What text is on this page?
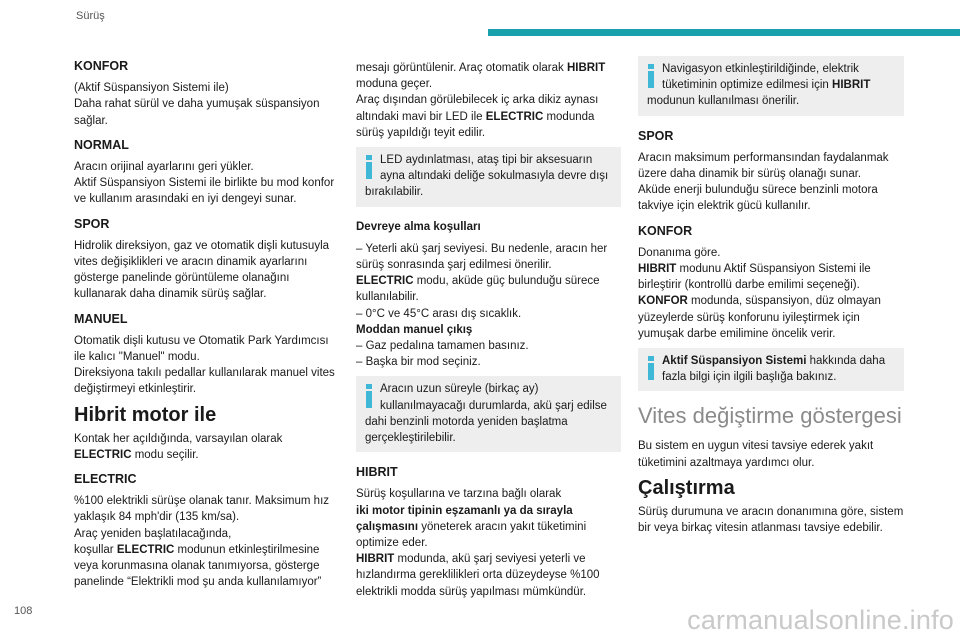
Sürüş
KONFOR
(Aktif Süspansiyon Sistemi ile)
Daha rahat sürül ve daha yumuşak süspansiyon sağlar.
NORMAL
Aracın orijinal ayarlarını geri yükler.
Aktif Süspansiyon Sistemi ile birlikte bu mod konfor ve kullanım arasındaki en iyi dengeyi sunar.
SPOR
Hidrolik direksiyon, gaz ve otomatik dişli kutusuyla vites değişiklikleri ve aracın dinamik ayarlarını gösterge panelinde görüntüleme olanağını kullanarak daha dinamik sürüş sağlar.
MANUEL
Otomatik dişli kutusu ve Otomatik Park Yardımcısı ile kalıcı "Manuel" modu.
Direksiyona takılı pedallar kullanılarak manuel vites değiştirmeyi etkinleştirir.
Hibrit motor ile
Kontak her açıldığında, varsayılan olarak
ELECTRIC modu seçilir.
ELECTRIC
%100 elektrikli sürüşe olanak tanır. Maksimum hız yaklaşık 84 mph'dir (135 km/sa).
Araç yeniden başlatılacağında,
koşullar ELECTRIC modunun etkinleştirilmesine veya korunmasına olanak tanımıyorsa, gösterge panelinde “Elektrikli mod şu anda kullanılamıyor”
mesajı görüntülenir. Araç otomatik olarak HIBRIT moduna geçer.
Araç dışından görülebilecek iç arka dikiz aynası altındaki mavi bir LED ile ELECTRIC modunda sürüş yapıldığı teyit edilir.
LED aydınlatması, ataş tipi bir aksesuarın ayna altındaki deliğe sokulmasıyla devre dışı bırakılabilir.
Devreye alma koşulları
– Yeterli akü şarj seviyesi. Bu nedenle, aracın her sürüş sonrasında şarj edilmesi önerilir.
ELECTRIC modu, aküde güç bulunduğu sürece kullanılabilir.
– 0°C ve 45°C arası dış sıcaklık.
Moddan manuel çıkış
– Gaz pedalına tamamen basınız.
– Başka bir mod seçiniz.
Aracın uzun süreyle (birkaç ay) kullanılmayacağı durumlarda, akü şarj edilse dahi benzinli motorda yeniden başlatma gerçekleştirilebilir.
HIBRIT
Sürüş koşullarına ve tarzına bağlı olarak
iki motor tipinin eşzamanlı ya da sırayla çalışmasını yöneterek aracın yakıt tüketimini optimize eder.
HIBRIT modunda, akü şarj seviyesi yeterli ve hızlandırma gereklilikleri orta düzeydeyse %100 elektrikli modda sürüş yapılması mümkündür.
Navigasyon etkinleştirildiğinde, elektrik tüketiminin optimize edilmesi için HIBRIT modunun kullanılması önerilir.
SPOR
Aracın maksimum performansından faydalanmak üzere daha dinamik bir sürüş olanağı sunar.
Aküde enerji bulunduğu sürece benzinli motora takviye için elektrik gücü kullanılır.
KONFOR
Donanıma göre.
HIBRIT modunu Aktif Süspansiyon Sistemi ile birleştirir (kontrollü darbe emilimi seçeneği).
KONFOR modunda, süspansiyon, düz olmayan yüzeylerde sürüş konforunu iyileştirmek için yumuşak darbe emilimine öncelik verir.
Aktif Süspansiyon Sistemi hakkında daha fazla bilgi için ilgili başlığa bakınız.
Vites değiştirme göstergesi
Bu sistem en uygun vitesi tavsiye ederek yakıt tüketimini azaltmaya yardımcı olur.
Çalıştırma
Sürüş durumuna ve aracın donanımına göre, sistem bir veya birkaç vitesin atlanması tavsiye edebilir.
108	carmanualsonline.info
